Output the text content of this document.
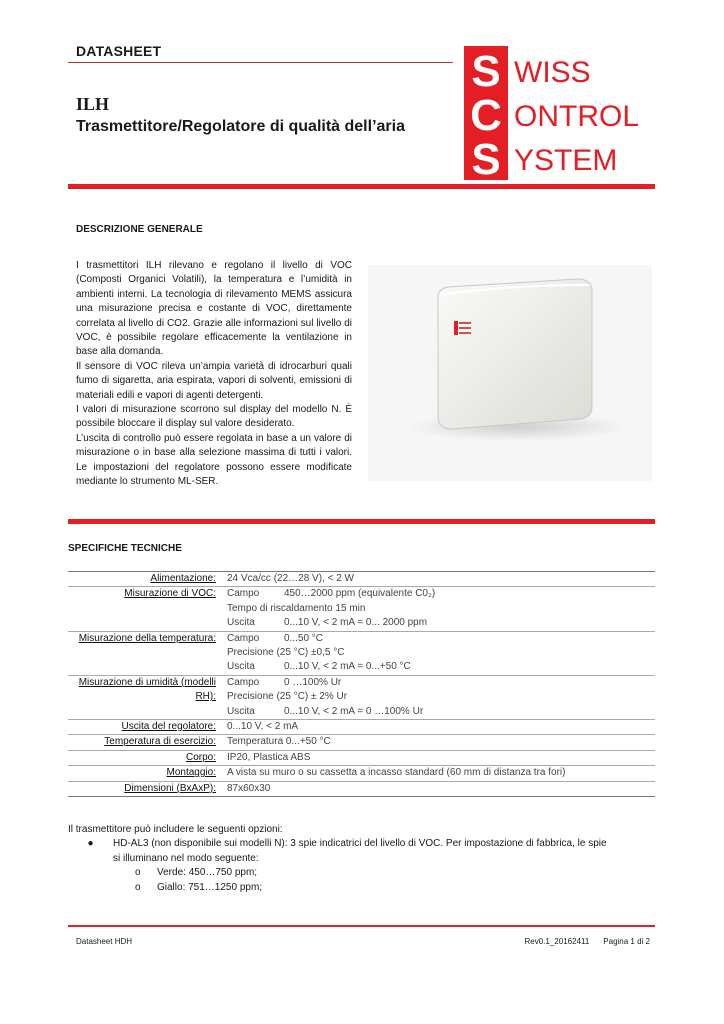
DATASHEET	S
C
S
WISS
ONTROL
YSTEM
ILH
Trasmettitore/Regolatore di qualità dell’aria
DESCRIZIONE GENERALE

I trasmettitori ILH rilevano e regolano il livello di VOC (Composti Organici Volatili), la temperatura e l’umidità in ambienti interni. La tecnologia di rilevamento MEMS assicura una misurazione precisa e costante di VOC, direttamente correlata al livello di CO2. Grazie alle informazioni sul livello di VOC, è possibile regolare efficacemente la ventilazione in base alla domanda.

Il sensore di VOC rileva un’ampia varietà di idrocarburi quali fumo di sigaretta, aria espirata, vapori di solventi, emissioni di materiali edili e vapori di agenti detergenti.

I valori di misurazione scorrono sul display del modello N. È possibile bloccare il display sul valore desiderato.

L’uscita di controllo può essere regolata in base a un valore di misurazione o in base alla selezione massima di tutti i valori. Le impostazioni del regolatore possono essere modificate mediante lo strumento ML-SER.

SPECIFICHE TECNICHE
Alimentazione:	24 Vca/cc (22…28 V), < 2 W
Misurazione di VOC:	Campo	450…2000 ppm (equivalente C0₂)
Tempo di riscaldamento 15 min
Uscita	0...10 V, < 2 mA = 0... 2000 ppm
Misurazione della temperatura:	Campo	0...50 °C
Precisione (25 °C) ±0,5 °C
Uscita	0...10 V, < 2 mA = 0...+50 °C
Misurazione di umidità (modelli RH):
Campo	0 …100% Ur
Precisione (25 °C) ± 2% Ur
Uscita	0...10 V, < 2 mA = 0 …100% Ur
Uscita del regolatore:	0...10 V, < 2 mA
Temperatura di esercizio:	Temperatura 0...+50 °C
Corpo:	IP20, Plastica ABS
Montaggio:	A vista su muro o su cassetta a incasso standard (60 mm di distanza tra fori)
Dimensioni (BxAxP):	87x60x30
Il trasmettitore può includere le seguenti opzioni:
●	HD-AL3 (non disponibile sui modelli N): 3 spie indicatrici del livello di VOC. Per impostazione di fabbrica, le spie
si illuminano nel modo seguente:
o	Verde: 450…750 ppm;
o	Giallo: 751…1250 ppm;
Datasheet HDH	Rev0.1_20162411 Pagina 1 di 2
